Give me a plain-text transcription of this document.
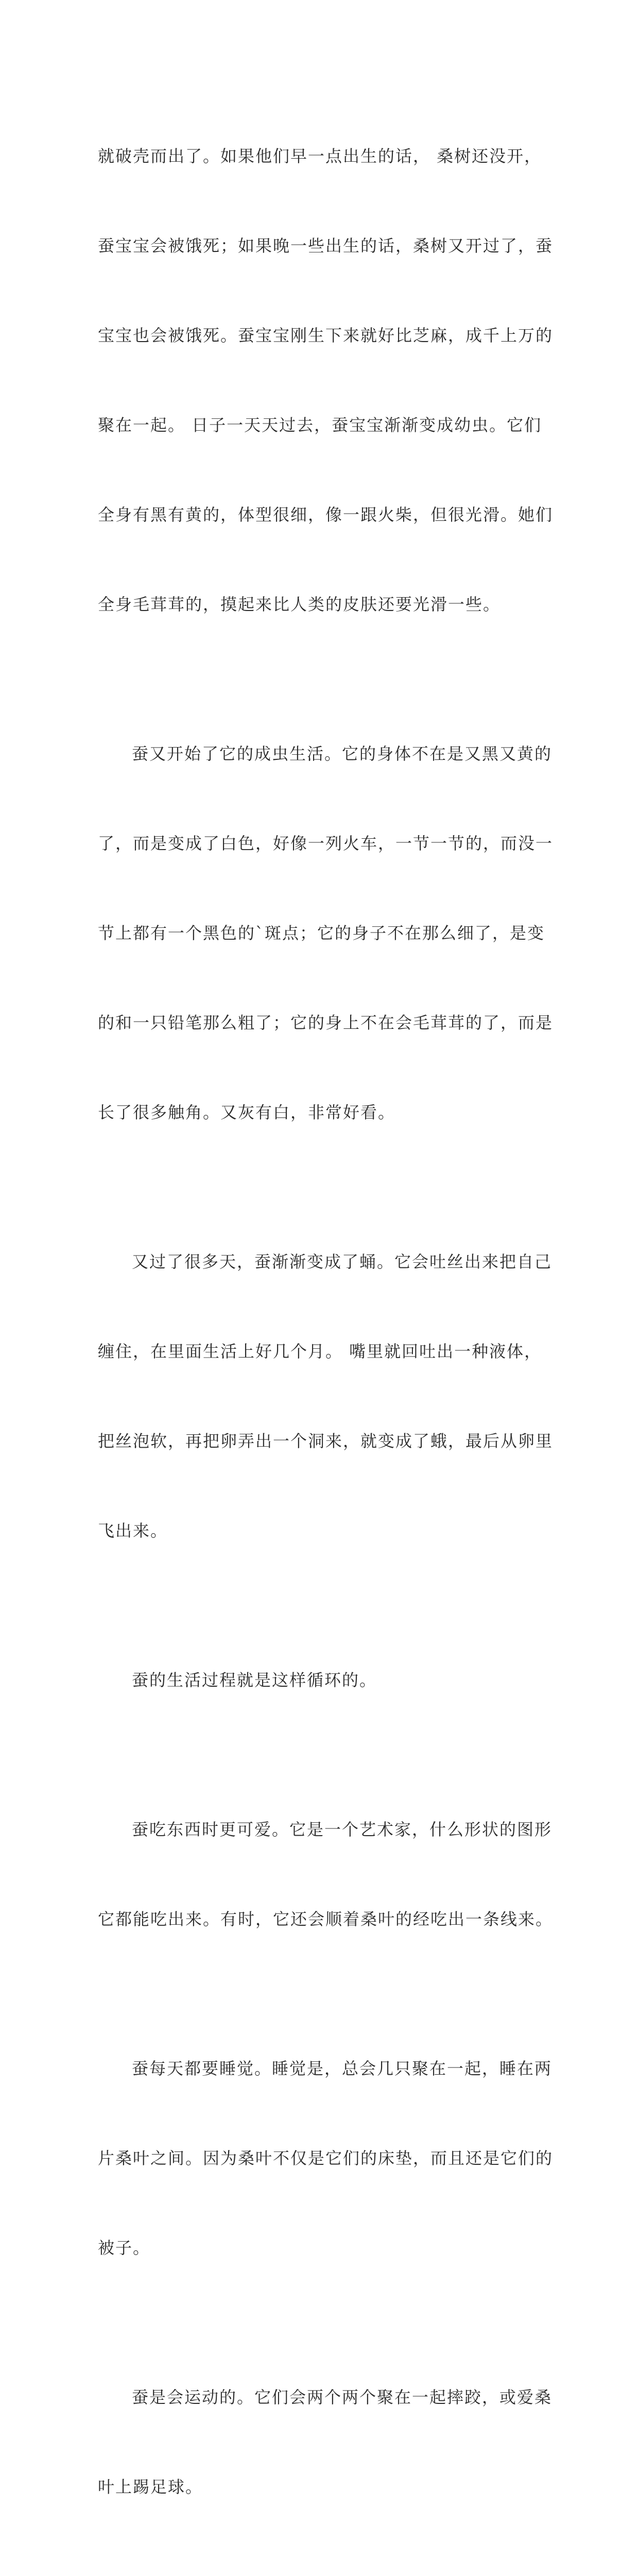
就破壳而出了。如果他们早一点出生的话， 桑树还没开，

蚕宝宝会被饿死；如果晚一些出生的话，桑树又开过了，蚕

宝宝也会被饿死。蚕宝宝刚生下来就好比芝麻，成千上万的

聚在一起。 日子一天天过去，蚕宝宝渐渐变成幼虫。它们

全身有黑有黄的，体型很细，像一跟火柴，但很光滑。她们

全身毛茸茸的，摸起来比人类的皮肤还要光滑一些。

蚕又开始了它的成虫生活。它的身体不在是又黑又黄的

了，而是变成了白色，好像一列火车，一节一节的，而没一

节上都有一个黑色的`斑点；它的身子不在那么细了，是变

的和一只铅笔那么粗了；它的身上不在会毛茸茸的了，而是

长了很多触角。又灰有白，非常好看。

又过了很多天，蚕渐渐变成了蛹。它会吐丝出来把自己

缠住，在里面生活上好几个月。 嘴里就回吐出一种液体，

把丝泡软，再把卵弄出一个洞来，就变成了蛾，最后从卵里

飞出来。

蚕的生活过程就是这样循环的。

蚕吃东西时更可爱。它是一个艺术家，什么形状的图形

它都能吃出来。有时，它还会顺着桑叶的经吃出一条线来。

蚕每天都要睡觉。睡觉是，总会几只聚在一起，睡在两

片桑叶之间。因为桑叶不仅是它们的床垫，而且还是它们的

被子。

蚕是会运动的。它们会两个两个聚在一起摔跤，或爱桑

叶上踢足球。
